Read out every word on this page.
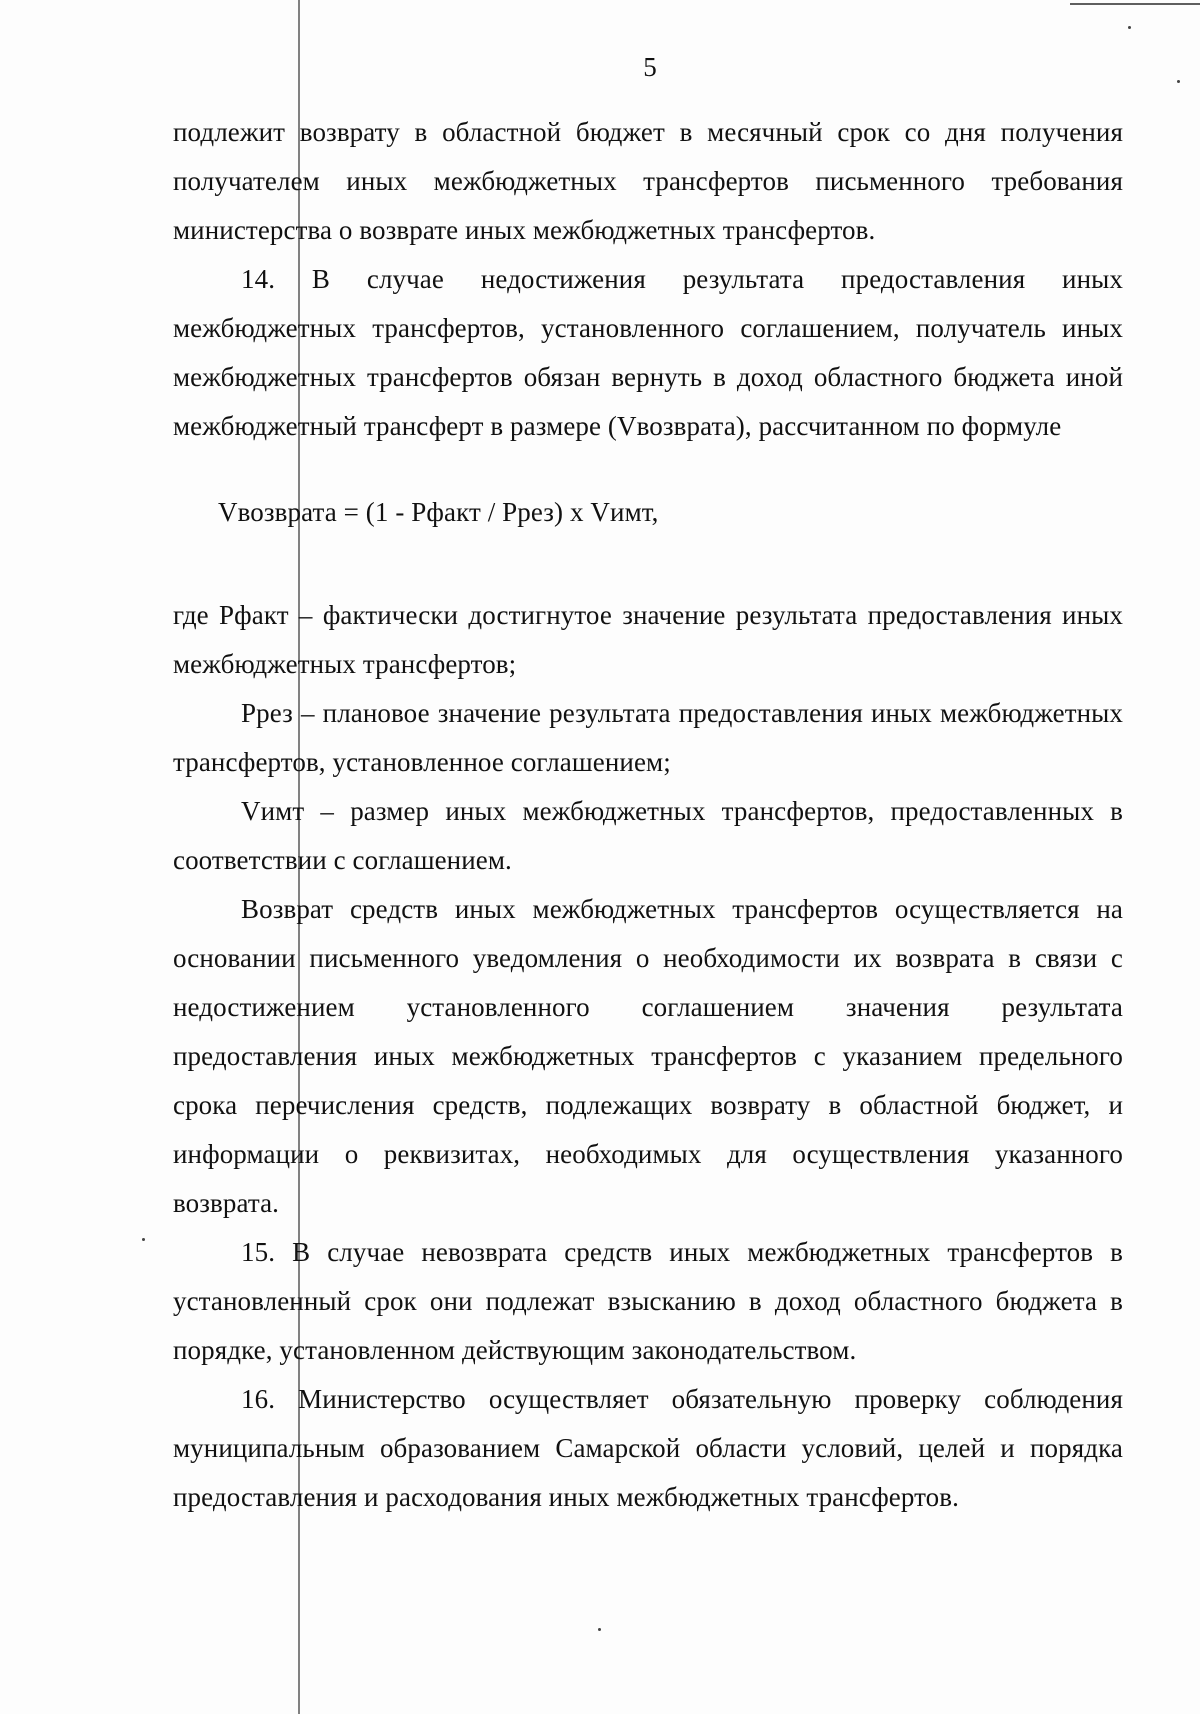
5

подлежит возврату в областной бюджет в месячный срок со дня получения получателем иных межбюджетных трансфертов письменного требования министерства о возврате иных межбюджетных трансфертов.

14. В случае недостижения результата предоставления иных межбюджетных трансфертов, установленного соглашением, получатель иных межбюджетных трансфертов обязан вернуть в доход областного бюджета иной межбюджетный трансферт в размере (Vвозврата), рассчитанном по формуле

Vвозврата = (1 - Рфакт / Ррез) х Vимт,

где Рфакт – фактически достигнутое значение результата предоставления иных межбюджетных трансфертов;

Ррез – плановое значение результата предоставления иных межбюджетных трансфертов, установленное соглашением;

Vимт – размер иных межбюджетных трансфертов, предоставленных в соответствии с соглашением.

Возврат средств иных межбюджетных трансфертов осуществляется на основании письменного уведомления о необходимости их возврата в связи с недостижением установленного соглашением значения результата предоставления иных межбюджетных трансфертов с указанием предельного срока перечисления средств, подлежащих возврату в областной бюджет, и информации о реквизитах, необходимых для осуществления указанного возврата.

15. В случае невозврата средств иных межбюджетных трансфертов в установленный срок они подлежат взысканию в доход областного бюджета в порядке, установленном действующим законодательством.

16. Министерство осуществляет обязательную проверку соблюдения муниципальным образованием Самарской области условий, целей и порядка предоставления и расходования иных межбюджетных трансфертов.
